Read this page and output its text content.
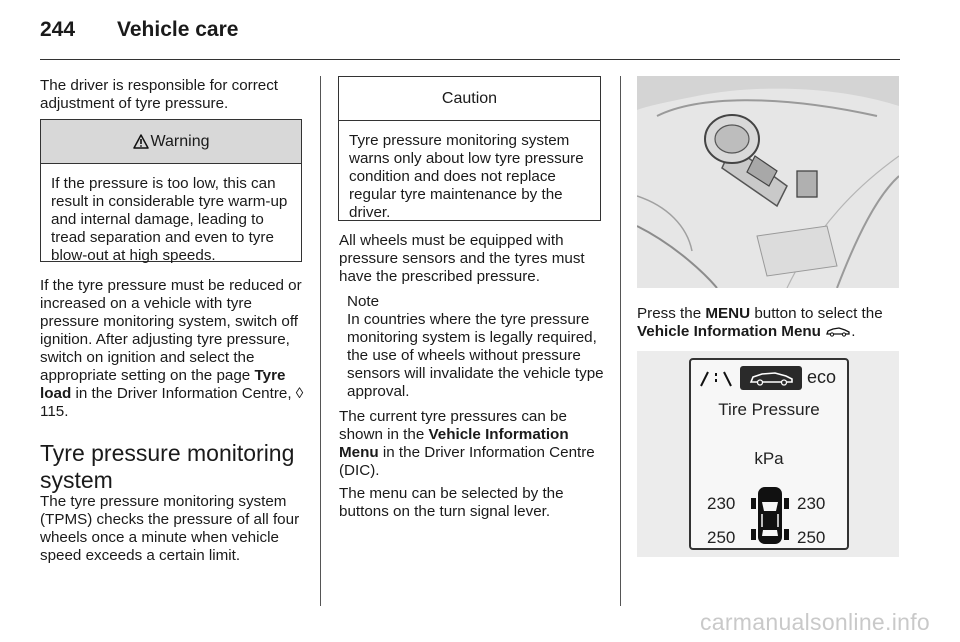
244 Vehicle care
The driver is responsible for correct adjustment of tyre pressure.
Warning
If the pressure is too low, this can result in considerable tyre warm-up and internal damage, leading to tread separation and even to tyre blow-out at high speeds.
If the tyre pressure must be reduced or increased on a vehicle with tyre pressure monitoring system, switch off ignition. After adjusting tyre pressure, switch on ignition and select the appropriate setting on the page Tyre load in the Driver Information Centre, ◊ 115.
Tyre pressure monitoring system
The tyre pressure monitoring system (TPMS) checks the pressure of all four wheels once a minute when vehicle speed exceeds a certain limit.
Caution
Tyre pressure monitoring system warns only about low tyre pressure condition and does not replace regular tyre maintenance by the driver.
All wheels must be equipped with pressure sensors and the tyres must have the prescribed pressure.
Note
In countries where the tyre pressure monitoring system is legally required, the use of wheels without pressure sensors will invalidate the vehicle type approval.
The current tyre pressures can be shown in the Vehicle Information Menu in the Driver Information Centre (DIC).
The menu can be selected by the buttons on the turn signal lever.
Press the MENU button to select the Vehicle Information Menu .
eco
Tire Pressure
kPa
230	230
250	250
carmanualsonline.info
